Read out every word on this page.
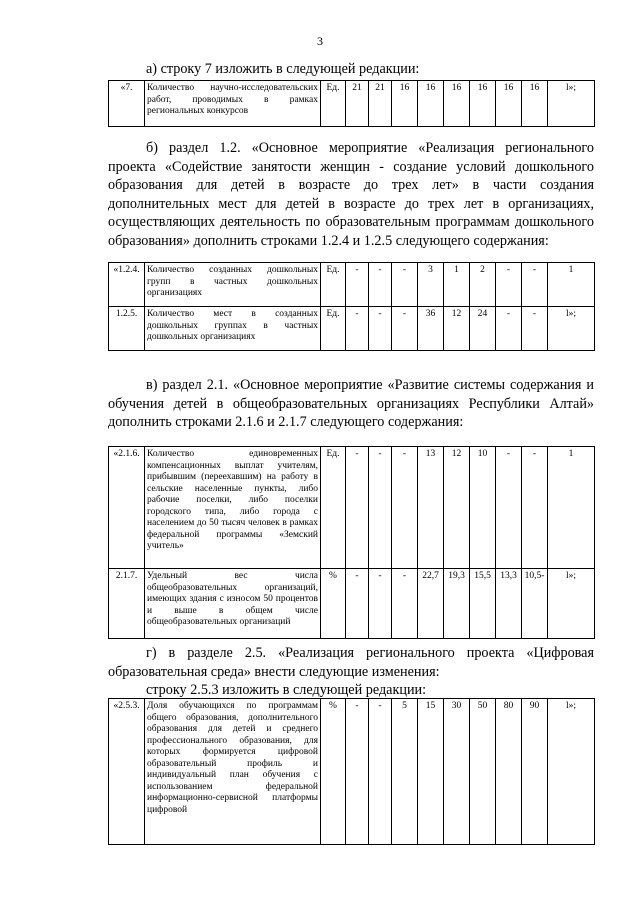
3
а) строку 7 изложить в следующей редакции:
«7.	Количество научно-исследовательских работ, проводимых в рамках региональных конкурсов	Ед.	21	21	16	16	16	16	16	16	l»;
б) раздел 1.2. «Основное мероприятие «Реализация регионального проекта «Содействие занятости женщин - создание условий дошкольного образования для детей в возрасте до трех лет» в части создания дополнительных мест для детей в возрасте до трех лет в организациях, осуществляющих деятельность по образовательным программам дошкольного образования» дополнить строками 1.2.4 и 1.2.5 следующего содержания:
«1.2.4.	Количество созданных дошкольных групп в частных дошкольных организациях	Ед.	-	-	-	3	1	2	-	-	1
1.2.5.	Количество мест в созданных дошкольных группах в частных дошкольных организациях	Ед.	-	-	-	36	12	24	-	-	l»;
в) раздел 2.1. «Основное мероприятие «Развитие системы содержания и обучения детей в общеобразовательных организациях Республики Алтай» дополнить строками 2.1.6 и 2.1.7 следующего содержания:
«2.1.6.	Количество единовременных компенсационных выплат учителям, прибывшим (переехавшим) на работу в сельские населенные пункты, либо рабочие поселки, либо поселки городского типа, либо города с населением до 50 тысяч человек в рамках федеральной программы «Земский учитель»	Ед.	-	-	-	13	12	10	-	-	1
2.1.7.	Удельный вес числа общеобразовательных организаций, имеющих здания с износом 50 процентов и выше в общем числе общеобразовательных организаций	%	-	-	-	22,7	19,3	15,5	13,3	10,5-	l»;
г) в разделе 2.5. «Реализация регионального проекта «Цифровая образовательная среда» внести следующие изменения:
строку 2.5.3 изложить в следующей редакции:
«2.5.3.	Доля обучающихся по программам общего образования, дополнительного образования для детей и среднего профессионального образования, для которых формируется цифровой образовательный профиль и индивидуальный план обучения с использованием федеральной информационно-сервисной платформы цифровой	%	-	-	5	15	30	50	80	90	l»;
